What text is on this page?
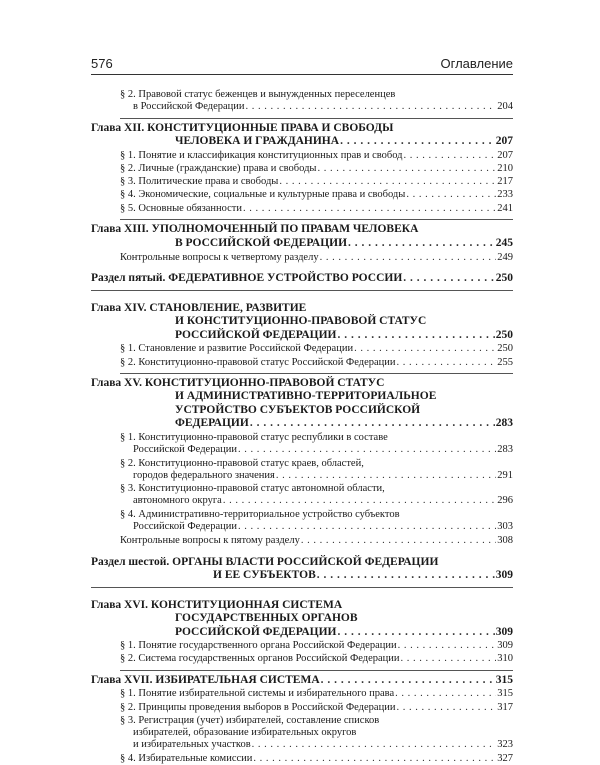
576	Оглавление
§ 2. Правовой статус беженцев и вынужденных переселенцев
в Российской Федерации . . .	204
Глава XII. КОНСТИТУЦИОННЫЕ ПРАВА И СВОБОДЫ
ЧЕЛОВЕКА И ГРАЖДАНИНА . . .	207
§ 1. Понятие и классификация конституционных прав и свобод . . .	207
§ 2. Личные (гражданские) права и свободы . . .	210
§ 3. Политические права и свободы . . .	217
§ 4. Экономические, социальные и культурные права и свободы . . .	233
§ 5. Основные обязанности . . .	241
Глава XIII. УПОЛНОМОЧЕННЫЙ ПО ПРАВАМ ЧЕЛОВЕКА
В РОССИЙСКОЙ ФЕДЕРАЦИИ . . .	245
Контрольные вопросы к четвертому разделу . . .	249
Раздел пятый. ФЕДЕРАТИВНОЕ УСТРОЙСТВО РОССИИ . . .	250
Глава XIV. СТАНОВЛЕНИЕ, РАЗВИТИЕ
И КОНСТИТУЦИОННО-ПРАВОВОЙ СТАТУС
РОССИЙСКОЙ ФЕДЕРАЦИИ . . .	250
§ 1. Становление и развитие Российской Федерации . . .	250
§ 2. Конституционно-правовой статус Российской Федерации . . .	255
Глава XV. КОНСТИТУЦИОННО-ПРАВОВОЙ СТАТУС
И АДМИНИСТРАТИВНО-ТЕРРИТОРИАЛЬНОЕ
УСТРОЙСТВО СУБЪЕКТОВ РОССИЙСКОЙ
ФЕДЕРАЦИИ . . .	283
§ 1. Конституционно-правовой статус республики в составе
Российской Федерации . . .	283
§ 2. Конституционно-правовой статус краев, областей,
городов федерального значения . . .	291
§ 3. Конституционно-правовой статус автономной области,
автономного округа . . .	296
§ 4. Административно-территориальное устройство субъектов
Российской Федерации . . .	303
Контрольные вопросы к пятому разделу . . .	308
Раздел шестой. ОРГАНЫ ВЛАСТИ РОССИЙСКОЙ ФЕДЕРАЦИИ
И ЕЕ СУБЪЕКТОВ . . .	309
Глава XVI. КОНСТИТУЦИОННАЯ СИСТЕМА
ГОСУДАРСТВЕННЫХ ОРГАНОВ
РОССИЙСКОЙ ФЕДЕРАЦИИ . . .	309
§ 1. Понятие государственного органа Российской Федерации . . .	309
§ 2. Система государственных органов Российской Федерации . . .	310
Глава XVII. ИЗБИРАТЕЛЬНАЯ СИСТЕМА . . .	315
§ 1. Понятие избирательной системы и избирательного права . . .	315
§ 2. Принципы проведения выборов в Российской Федерации . . .	317
§ 3. Регистрация (учет) избирателей, составление списков
избирателей, образование избирательных округов
и избирательных участков . . .	323
§ 4. Избирательные комиссии . . .	327
